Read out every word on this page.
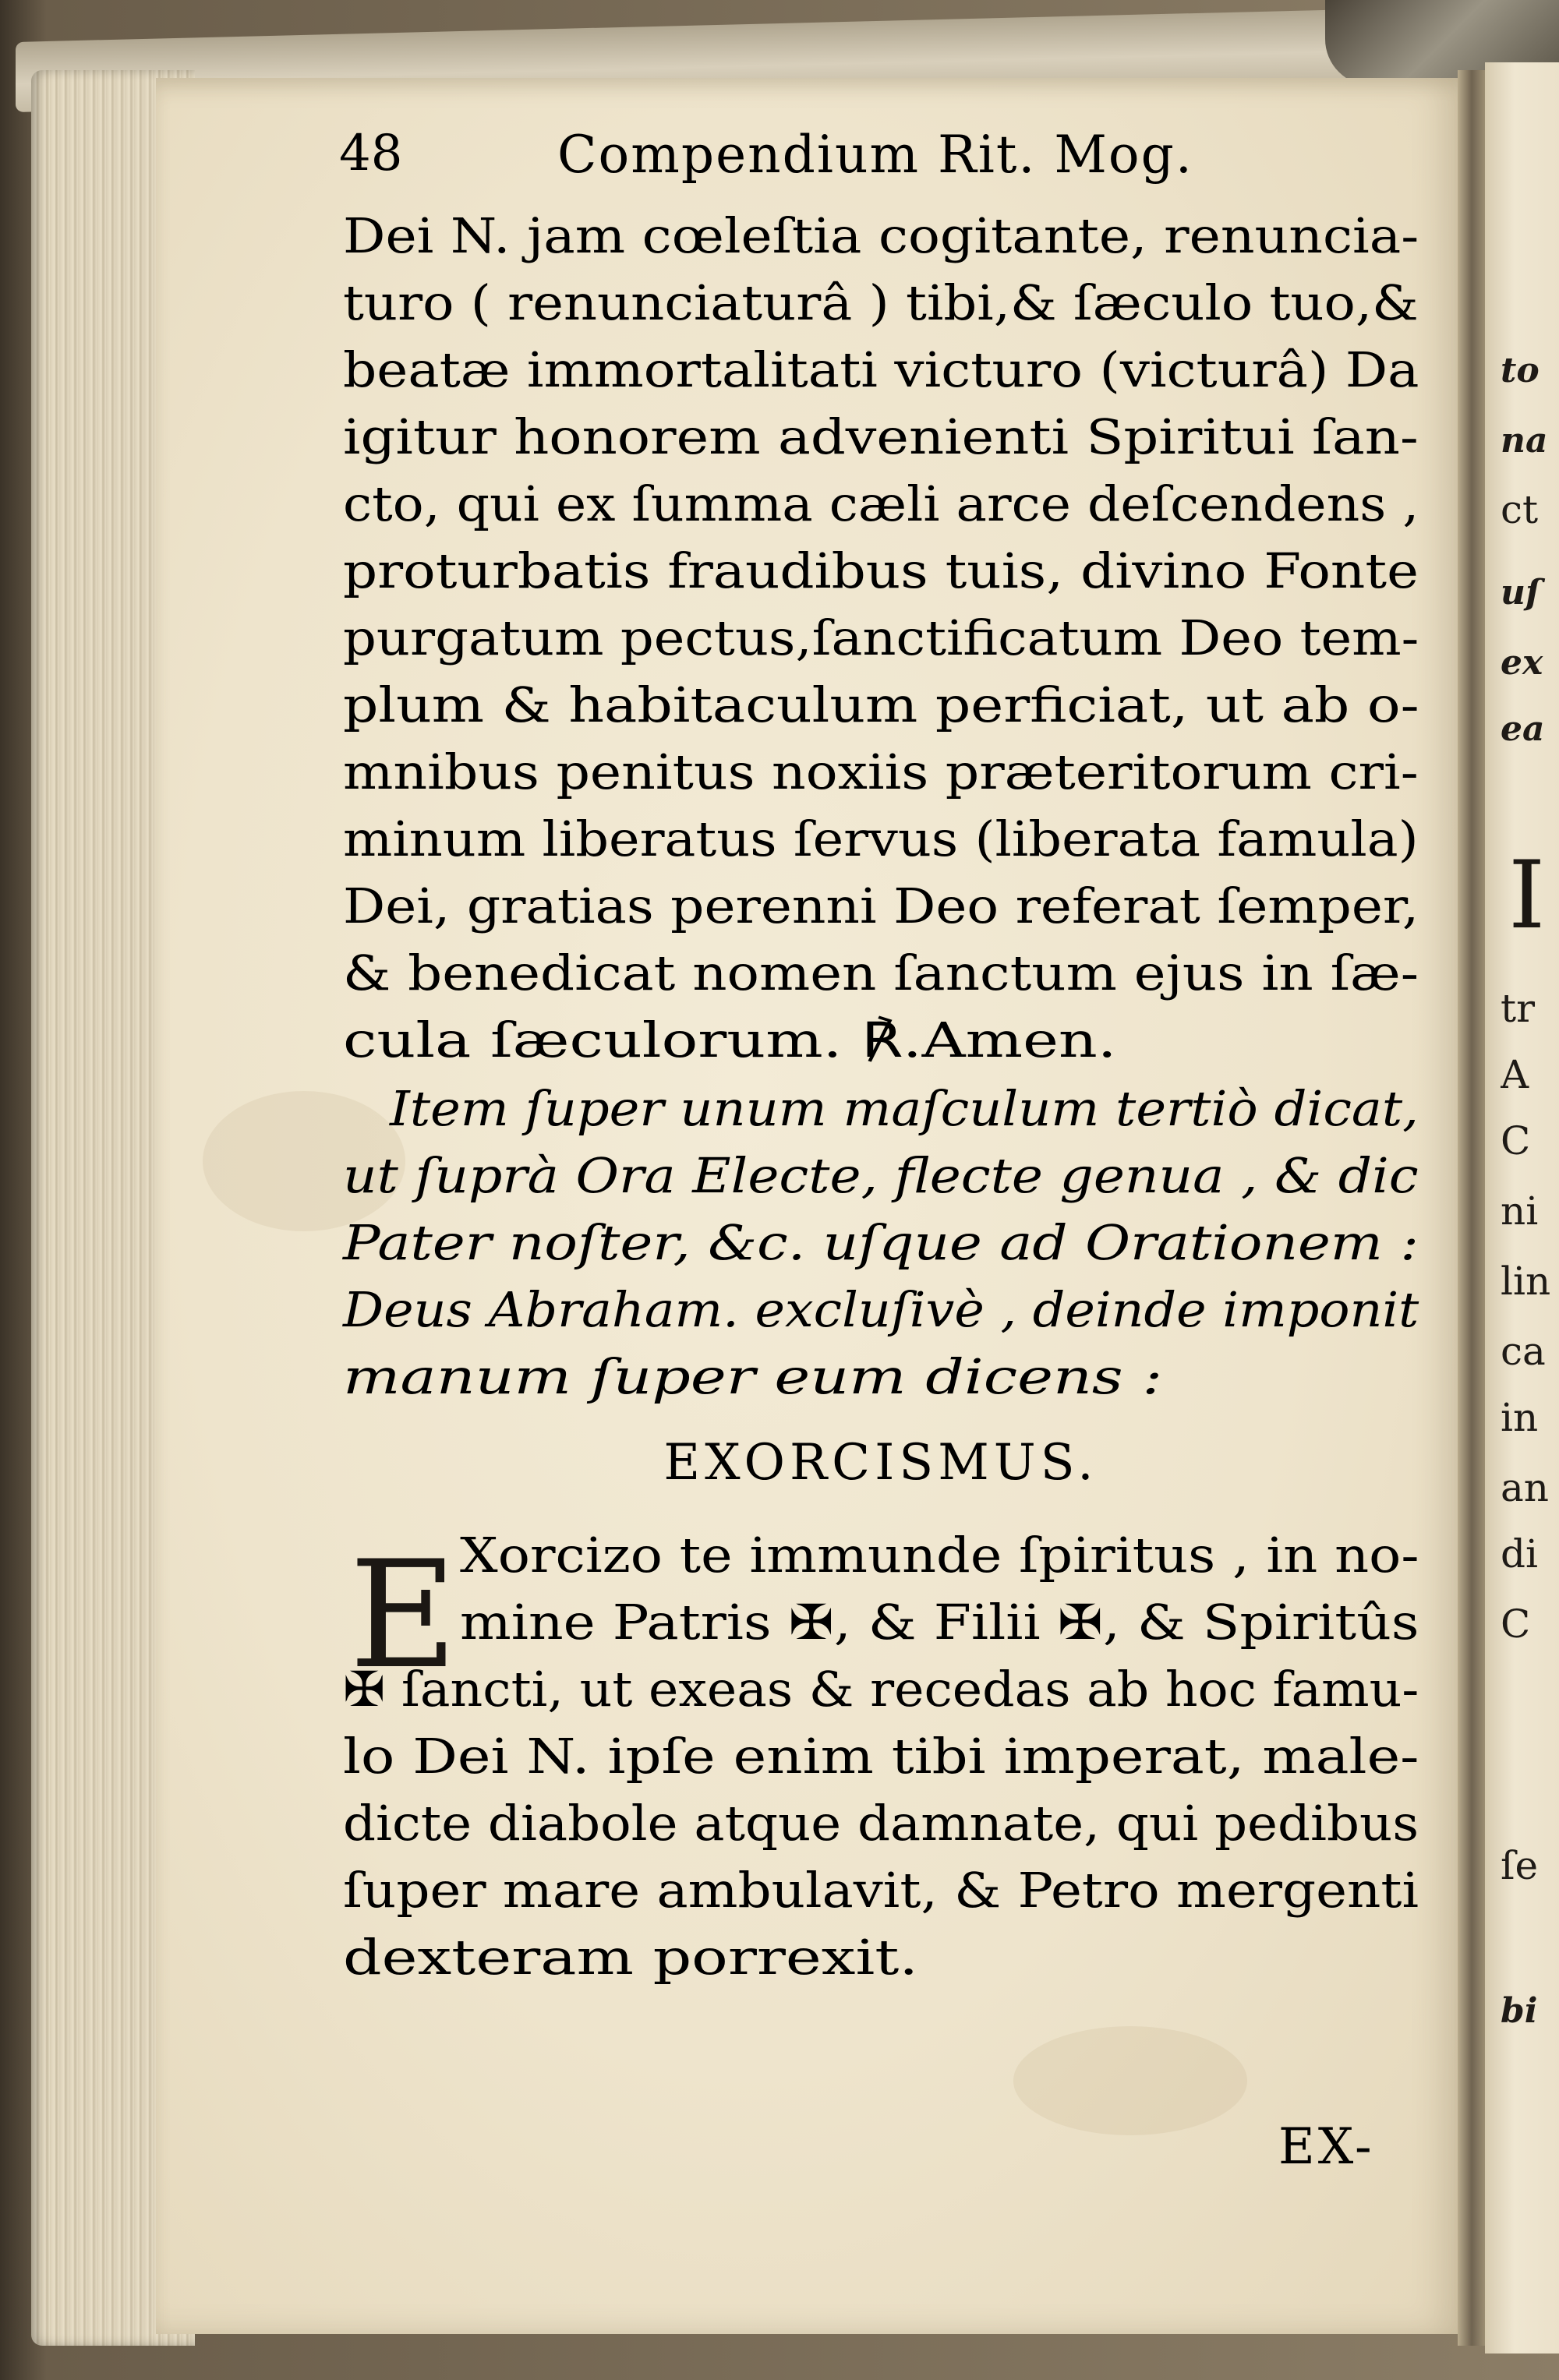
to
na
ct
uſ
ex
ea
I
tr
A
C
ni
lin
ca
in
an
di
C
ſe
bi
48	Compendium Rit. Mog.
Dei N. jam cœleſtia cogitante, renuncia-
turo ( renunciaturâ ) tibi,& ſæculo tuo,&
beatæ immortalitati victuro (victurâ) Da
igitur honorem advenienti Spiritui ſan-
cto, qui ex ſumma cæli arce deſcendens ,
proturbatis fraudibus tuis, divino Fonte
purgatum pectus,ſanctificatum Deo tem-
plum & habitaculum perficiat, ut ab o-
mnibus penitus noxiis præteritorum cri-
minum liberatus ſervus (liberata famula)
Dei, gratias perenni Deo referat ſemper,
& benedicat nomen ſanctum ejus in ſæ-
cula ſæculorum. ℟.Amen.
Item ſuper unum maſculum tertiò dicat,
ut ſuprà Ora Electe, flecte genua , & dic
Pater noſter, &c. uſque ad Orationem :
Deus Abraham. excluſivè , deinde imponit
manum ſuper eum dicens :
EXORCISMUS.
E Xorcizo te immunde ſpiritus , in no-
mine Patris ✠, & Filii ✠, & Spiritûs
✠ ſancti, ut exeas & recedas ab hoc famu-
lo Dei N. ipſe enim tibi imperat, male-
dicte diabole atque damnate, qui pedibus
ſuper mare ambulavit, & Petro mergenti
dexteram porrexit.
EX-
